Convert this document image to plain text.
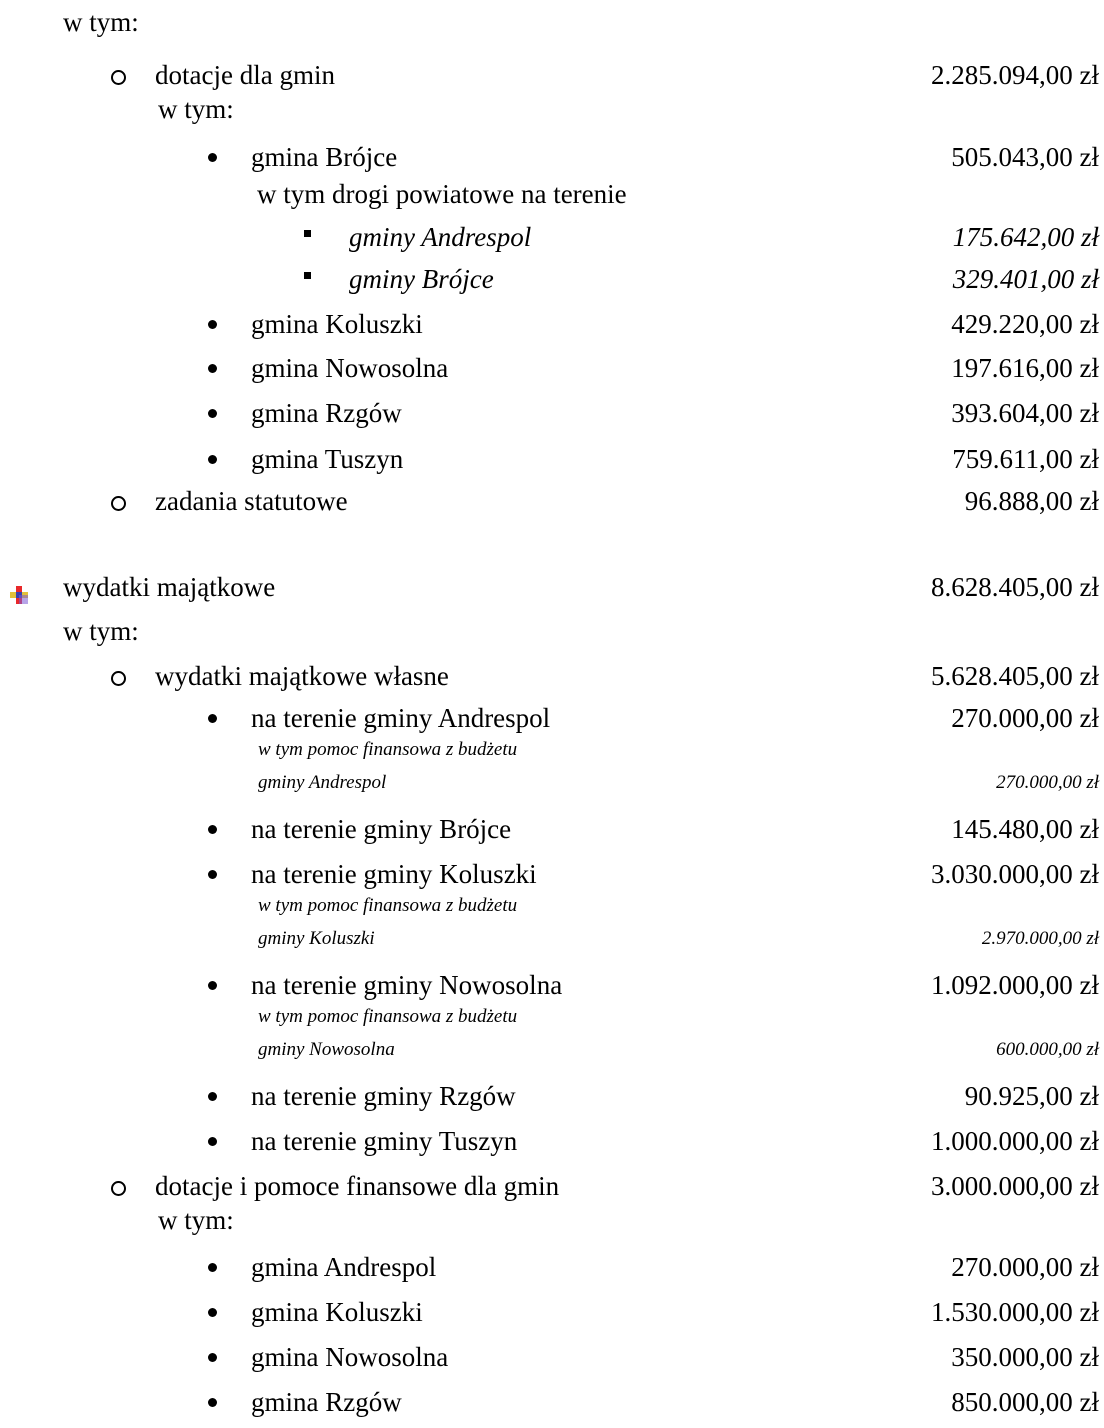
w tym:
dotacje dla gmin	2.285.094,00 zł
w tym:
gmina Brójce	505.043,00 zł
w tym drogi powiatowe na terenie
gminy Andrespol	175.642,00 zł
gminy Brójce	329.401,00 zł
gmina Koluszki	429.220,00 zł
gmina Nowosolna	197.616,00 zł
gmina Rzgów	393.604,00 zł
gmina Tuszyn	759.611,00 zł
zadania statutowe	96.888,00 zł
wydatki majątkowe	8.628.405,00 zł
w tym:
wydatki majątkowe własne	5.628.405,00 zł
na terenie gminy Andrespol	270.000,00 zł
w tym pomoc finansowa z budżetu
gminy Andrespol	270.000,00 zł
na terenie gminy Brójce	145.480,00 zł
na terenie gminy Koluszki	3.030.000,00 zł
w tym pomoc finansowa z budżetu
gminy Koluszki	2.970.000,00 zł
na terenie gminy Nowosolna	1.092.000,00 zł
w tym pomoc finansowa z budżetu
gminy Nowosolna	600.000,00 zł
na terenie gminy Rzgów	90.925,00 zł
na terenie gminy Tuszyn	1.000.000,00 zł
dotacje i pomoce finansowe dla gmin	3.000.000,00 zł
w tym:
gmina Andrespol	270.000,00 zł
gmina Koluszki	1.530.000,00 zł
gmina Nowosolna	350.000,00 zł
gmina Rzgów	850.000,00 zł
